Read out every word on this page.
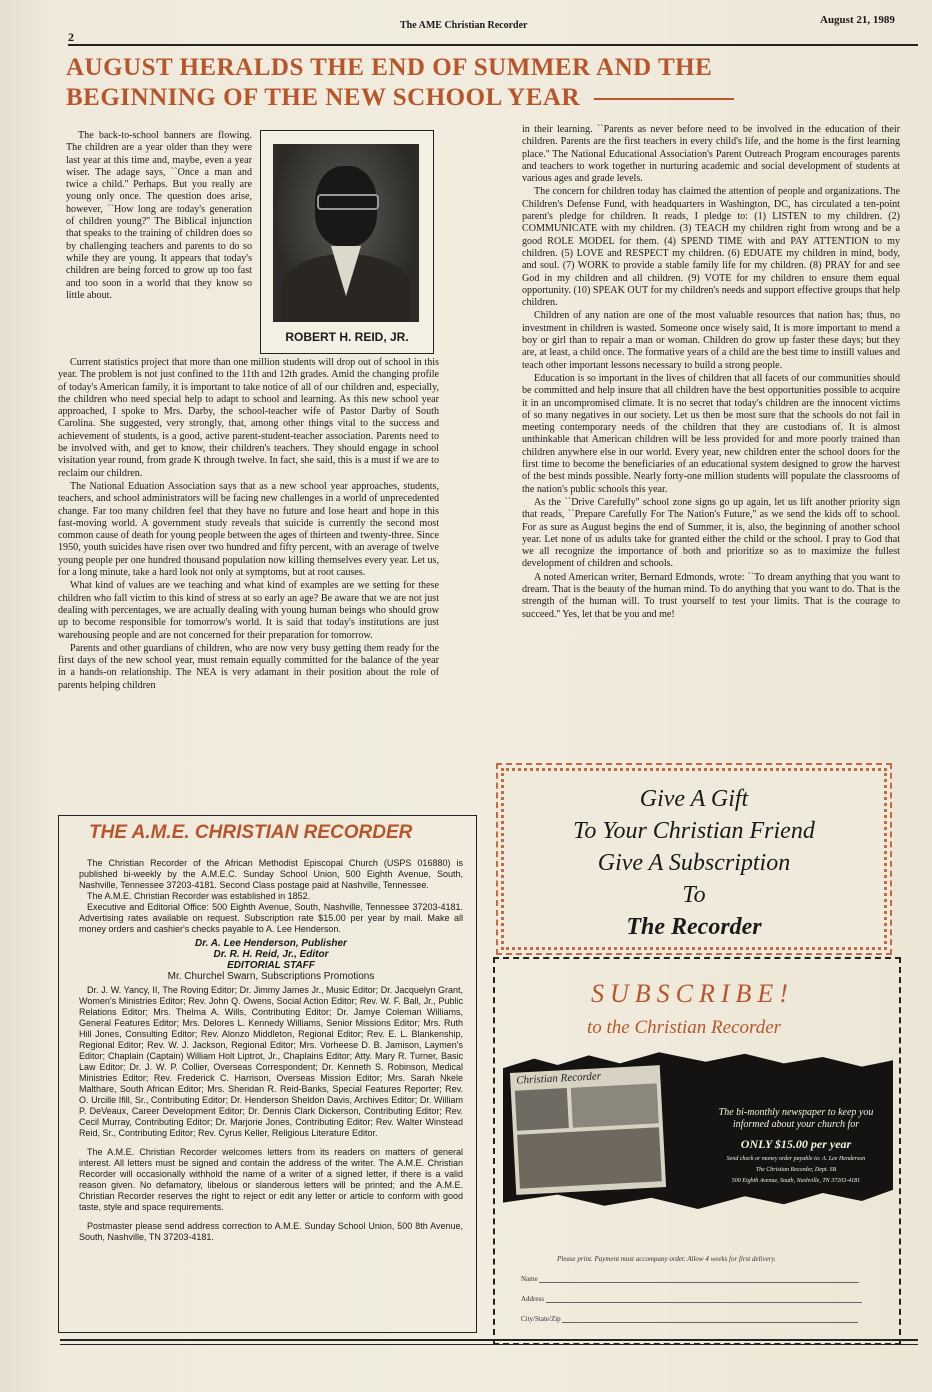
2
The AME Christian Recorder	August 21, 1989
AUGUST HERALDS THE END OF SUMMER AND THE
BEGINNING OF THE NEW SCHOOL YEAR

The back-to-school banners are flowing. The children are a year older than they were last year at this time and, maybe, even a year wiser. The adage says, ``Once a man and twice a child.'' Perhaps. But you really are young only once. The question does arise, however, ``How long are today's generation of children young?'' The Biblical injunction that speaks to the training of children does so by challenging teachers and parents to do so while they are young. It appears that today's children are being forced to grow up too fast and too soon in a world that they know so little about.

ROBERT H. REID, JR.

Current statistics project that more than one million students will drop out of school in this year. The problem is not just confined to the 11th and 12th grades. Amid the changing profile of today's American family, it is important to take notice of all of our children and, especially, the children who need special help to adapt to school and learning. As this new school year approached, I spoke to Mrs. Darby, the school-teacher wife of Pastor Darby of South Carolina. She suggested, very strongly, that, among other things vital to the success and achievement of students, is a good, active parent-student-teacher association. Parents need to be involved with, and get to know, their children's teachers. They should engage in school visitation year round, from grade K through twelve. In fact, she said, this is a must if we are to reclaim our children.

The National Eduation Association says that as a new school year approaches, students, teachers, and school administrators will be facing new challenges in a world of unprecedented change. Far too many children feel that they have no future and lose heart and hope in this fast-moving world. A government study reveals that suicide is currently the second most common cause of death for young people between the ages of thirteen and twenty-three. Since 1950, youth suicides have risen over two hundred and fifty percent, with an average of twelve young people per one hundred thousand population now killing themselves every year. Let us, for a long minute, take a hard look not only at symptoms, but at root causes.

What kind of values are we teaching and what kind of examples are we setting for these children who fall victim to this kind of stress at so early an age? Be aware that we are not just dealing with percentages, we are actually dealing with young human beings who should grow up to become responsible for tomorrow's world. It is said that today's institutions are just warehousing people and are not concerned for their preparation for tomorrow.

Parents and other guardians of children, who are now very busy getting them ready for the first days of the new school year, must remain equally committed for the balance of the year in a hands-on relationship. The NEA is very adamant in their position about the role of parents helping children

in their learning. ``Parents as never before need to be involved in the education of their children. Parents are the first teachers in every child's life, and the home is the first learning place.'' The National Educational Association's Parent Outreach Program encourages parents and teachers to work together in nurturing academic and social development of students at various ages and grade levels.

The concern for children today has claimed the attention of people and organizations. The Children's Defense Fund, with headquarters in Washington, DC, has circulated a ten-point parent's pledge for children. It reads, I pledge to: (1) LISTEN to my children. (2) COMMUNICATE with my children. (3) TEACH my children right from wrong and be a good ROLE MODEL for them. (4) SPEND TIME with and PAY ATTENTION to my children. (5) LOVE and RESPECT my children. (6) EDUATE my children in mind, body, and soul. (7) WORK to provide a stable family life for my children. (8) PRAY for and see God in my children and all children. (9) VOTE for my children to ensure them equal opportunity. (10) SPEAK OUT for my children's needs and support effective groups that help children.

Children of any nation are one of the most valuable resources that nation has; thus, no investment in children is wasted. Someone once wisely said, It is more important to mend a boy or girl than to repair a man or woman. Children do grow up faster these days; but they are, at least, a child once. The formative years of a child are the best time to instill values and teach other important lessons necessary to build a strong people.

Education is so important in the lives of children that all facets of our communities should be committed and help insure that all children have the best opportunities possible to acquire it in an uncompromised climate. It is no secret that today's children are the innocent victims of so many negatives in our society. Let us then be most sure that the schools do not fail in meeting contemporary needs of the children that they are custodians of. It is almost unthinkable that American children will be less provided for and more poorly trained than children anywhere else in our world. Every year, new children enter the school doors for the first time to become the beneficiaries of an educational system designed to grow the harvest of the best minds possible. Nearly forty-one million students will populate the classrooms of the nation's public schools this year.

As the ``Drive Carefully'' school zone signs go up again, let us lift another priority sign that reads, ``Prepare Carefully For The Nation's Future,'' as we send the kids off to school. For as sure as August begins the end of Summer, it is, also, the beginning of another school year. Let none of us adults take for granted either the child or the school. I pray to God that we all recognize the importance of both and prioritize so as to maximize the fullest development of children and schools.

A noted American writer, Bernard Edmonds, wrote: ``To dream anything that you want to dream. That is the beauty of the human mind. To do anything that you want to do. That is the strength of the human will. To trust yourself to test your limits. That is the courage to succeed.'' Yes, let that be you and me!

THE A.M.E. CHRISTIAN RECORDER

The Christian Recorder of the African Methodist Episcopal Church (USPS 016880) is published bi-weekly by the A.M.E.C. Sunday School Union, 500 Eighth Avenue, South, Nashville, Tennessee 37203-4181. Second Class postage paid at Nashville, Tennessee.

The A.M.E. Christian Recorder was established in 1852.

Executive and Editorial Office: 500 Eighth Avenue, South, Nashville, Tennessee 37203-4181. Advertising rates available on request. Subscription rate $15.00 per year by mail. Make all money orders and cashier's checks payable to A. Lee Henderson.

Dr. A. Lee Henderson, Publisher

Dr. R. H. Reid, Jr., Editor

EDITORIAL STAFF

Mr. Churchel Swarn, Subscriptions Promotions

Dr. J. W. Yancy, II, The Roving Editor; Dr. Jimmy James Jr., Music Editor; Dr. Jacquelyn Grant, Women's Ministries Editor; Rev. John Q. Owens, Social Action Editor; Rev. W. F. Ball, Jr., Public Relations Editor; Mrs. Thelma A. Wills, Contributing Editor; Dr. Jamye Coleman Williams, General Features Editor; Mrs. Delores L. Kennedy Williams, Senior Missions Editor; Mrs. Ruth Hill Jones, Consulting Editor; Rev. Alonzo Middleton, Regional Editor; Rev. E. L. Blankenship, Regional Editor; Rev. W. J. Jackson, Regional Editor; Mrs. Vorheese D. B. Jamison, Laymen's Editor; Chaplain (Captain) William Holt Liptrot, Jr., Chaplains Editor; Atty. Mary R. Turner, Basic Law Editor; Dr. J. W. P. Collier, Overseas Correspondent; Dr. Kenneth S. Robinson, Medical Ministries Editor; Rev. Frederick C. Harrison, Overseas Mission Editor; Mrs. Sarah Nkele Malthare, South African Editor; Mrs. Sheridan R. Reid-Banks, Special Features Reporter; Rev. O. Urcille Ifill, Sr., Contributing Editor; Dr. Henderson Sheldon Davis, Archives Editor; Dr. William P. DeVeaux, Career Development Editor; Dr. Dennis Clark Dickerson, Contributing Editor; Rev. Cecil Murray, Contributing Editor; Dr. Marjorie Jones, Contributing Editor; Rev. Walter Winstead Reid, Sr., Contributing Editor; Rev. Cyrus Keller, Religious Literature Editor.

The A.M.E. Christian Recorder welcomes letters from its readers on matters of general interest. All letters must be signed and contain the address of the writer. The A.M.E. Christian Recorder will occasionally withhold the name of a writer of a signed letter, if there is a valid reason given. No defamatory, libelous or slanderous letters will be printed; and the A.M.E. Christian Recorder reserves the right to reject or edit any letter or article to conform with good taste, style and space requirements.

Postmaster please send address correction to A.M.E. Sunday School Union, 500 8th Avenue, South, Nashville, TN 37203-4181.

Give A Gift
To Your Christian Friend
Give A Subscription
To
The Recorder
SUBSCRIBE!
to the Christian Recorder
Christian Recorder
The bi-monthly newspaper to keep you informed about your church for
ONLY $15.00 per year
Send check or money order payable to: A. Lee Henderson
The Christian Recorder, Dept. SB
500 Eighth Avenue, South, Nashville, TN 37203-4181
Please print. Payment must accompany order. Allow 4 weeks for first delivery.
Name
Address
City/State/Zip
